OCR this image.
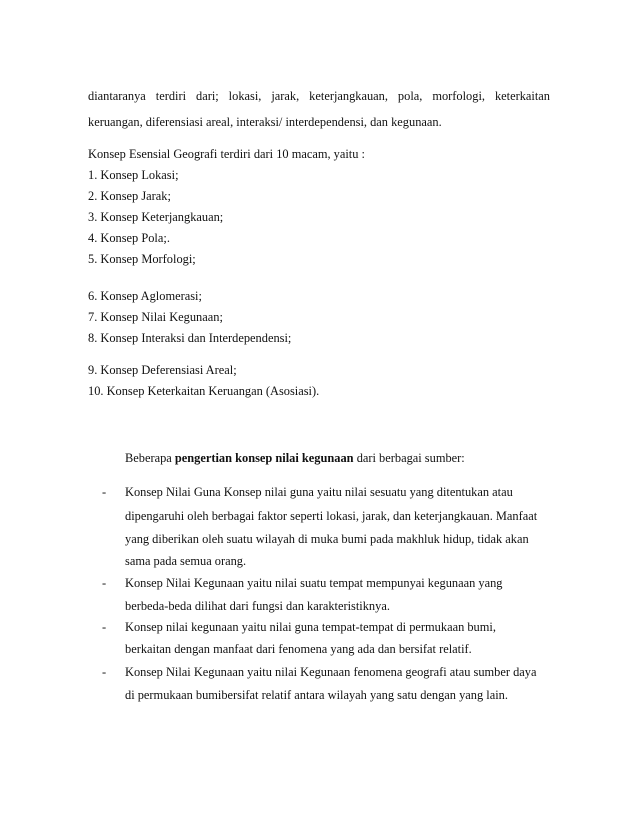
diantaranya terdiri dari; lokasi, jarak, keterjangkauan, pola, morfologi, keterkaitan
keruangan, diferensiasi areal, interaksi/ interdependensi, dan kegunaan.
Konsep Esensial Geografi terdiri dari 10 macam, yaitu :
1. Konsep Lokasi;
2. Konsep Jarak;
3. Konsep Keterjangkauan;
4. Konsep Pola;.
5. Konsep Morfologi;
6. Konsep Aglomerasi;
7. Konsep Nilai Kegunaan;
8. Konsep Interaksi dan Interdependensi;
9. Konsep Deferensiasi Areal;
10. Konsep Keterkaitan Keruangan (Asosiasi).
Beberapa pengertian konsep nilai kegunaan dari berbagai sumber:
- Konsep Nilai Guna Konsep nilai guna yaitu nilai sesuatu yang ditentukan atau
dipengaruhi oleh berbagai faktor seperti lokasi, jarak, dan keterjangkauan. Manfaat
yang diberikan oleh suatu wilayah di muka bumi pada makhluk hidup, tidak akan
sama pada semua orang.
- Konsep Nilai Kegunaan yaitu nilai suatu tempat mempunyai kegunaan yang
berbeda-beda dilihat dari fungsi dan karakteristiknya.
- Konsep nilai kegunaan yaitu nilai guna tempat-tempat di permukaan bumi,
berkaitan dengan manfaat dari fenomena yang ada dan bersifat relatif.
- Konsep Nilai Kegunaan yaitu nilai Kegunaan fenomena geografi atau sumber daya
di permukaan bumibersifat relatif antara wilayah yang satu dengan yang lain.
